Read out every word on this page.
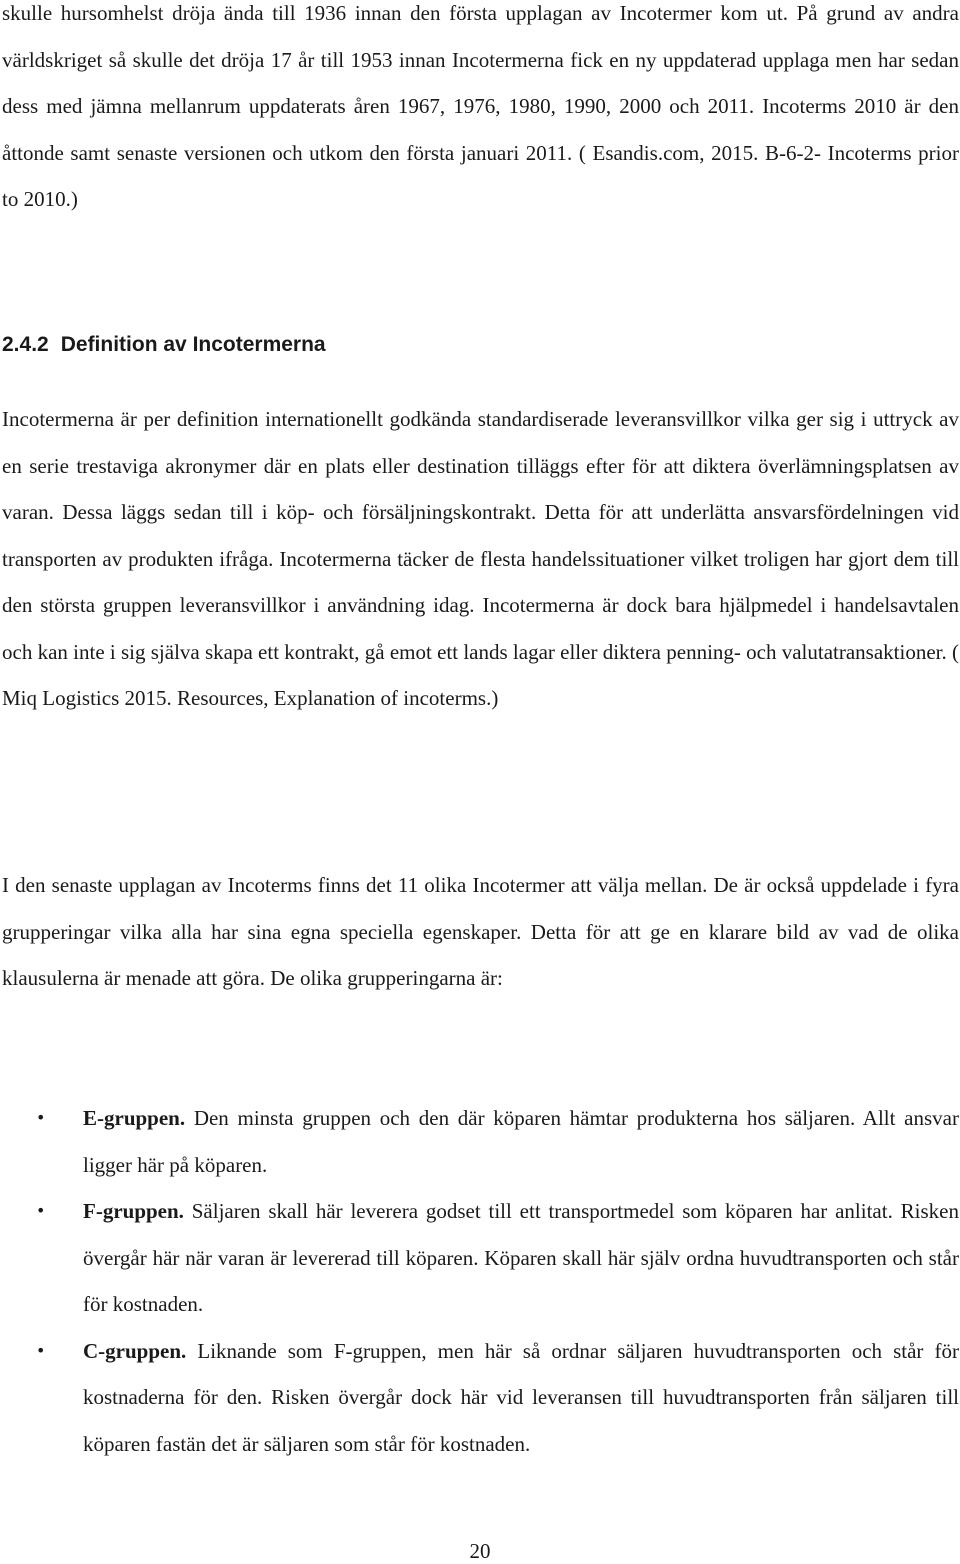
skulle hursomhelst dröja ända till 1936 innan den första upplagan av Incotermer kom ut. På grund av andra världskriget så skulle det dröja 17 år till 1953 innan Incotermerna fick en ny uppdaterad upplaga men har sedan dess med jämna mellanrum uppdaterats åren 1967, 1976, 1980, 1990, 2000 och 2011. Incoterms 2010 är den åttonde samt senaste versionen och utkom den första januari 2011. ( Esandis.com, 2015. B-6-2- Incoterms prior to 2010.)

2.4.2 Definition av Incotermerna

Incotermerna är per definition internationellt godkända standardiserade leveransvillkor vilka ger sig i uttryck av en serie trestaviga akronymer där en plats eller destination tilläggs efter för att diktera överlämningsplatsen av varan. Dessa läggs sedan till i köp- och försäljningskontrakt. Detta för att underlätta ansvarsfördelningen vid transporten av produkten ifråga. Incotermerna täcker de flesta handelssituationer vilket troligen har gjort dem till den största gruppen leveransvillkor i användning idag. Incotermerna är dock bara hjälpmedel i handelsavtalen och kan inte i sig själva skapa ett kontrakt, gå emot ett lands lagar eller diktera penning- och valutatransaktioner. ( Miq Logistics 2015. Resources, Explanation of incoterms.)

I den senaste upplagan av Incoterms finns det 11 olika Incotermer att välja mellan. De är också uppdelade i fyra grupperingar vilka alla har sina egna speciella egenskaper. Detta för att ge en klarare bild av vad de olika klausulerna är menade att göra. De olika grupperingarna är:

• E-gruppen. Den minsta gruppen och den där köparen hämtar produkterna hos säljaren. Allt ansvar ligger här på köparen.
• F-gruppen. Säljaren skall här leverera godset till ett transportmedel som köparen har anlitat. Risken övergår här när varan är levererad till köparen. Köparen skall här själv ordna huvudtransporten och står för kostnaden.
• C-gruppen. Liknande som F-gruppen, men här så ordnar säljaren huvudtransporten och står för kostnaderna för den. Risken övergår dock här vid leveransen till huvudtransporten från säljaren till köparen fastän det är säljaren som står för kostnaden.
20
